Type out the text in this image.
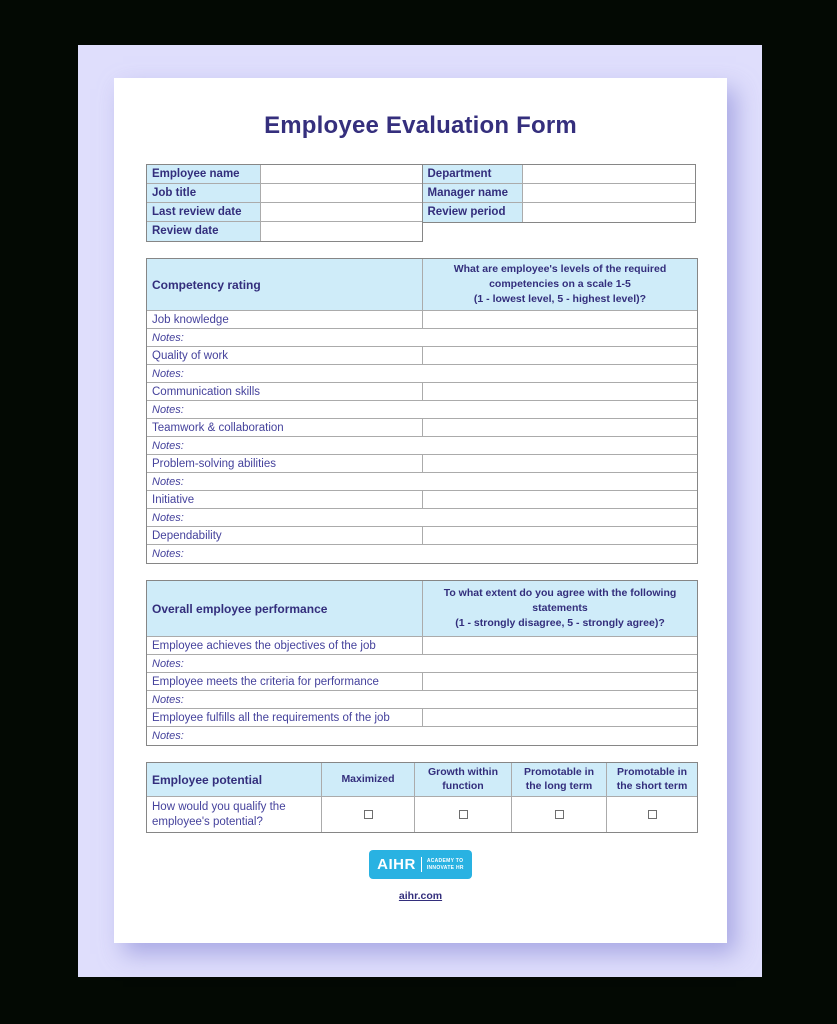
Employee Evaluation Form
Employee name
Job title
Last review date
Review date
Department
Manager name
Review period
Competency rating
What are employee's levels of the required competencies on a scale 1-5
(1 - lowest level, 5 - highest level)?
Job knowledge
Notes:
Quality of work
Notes:
Communication skills
Notes:
Teamwork & collaboration
Notes:
Problem-solving abilities
Notes:
Initiative
Notes:
Dependability
Notes:
Overall employee performance
To what extent do you agree with the following statements
(1 - strongly disagree, 5 - strongly agree)?
Employee achieves the objectives of the job
Notes:
Employee meets the criteria for performance
Notes:
Employee fulfills all the requirements of the job
Notes:
Employee potential	Maximized
Growth within function
Promotable in the long term
Promotable in the short term
How would you qualify the employee's potential?
AIHR ACADEMY TO
INNOVATE HR
aihr.com
